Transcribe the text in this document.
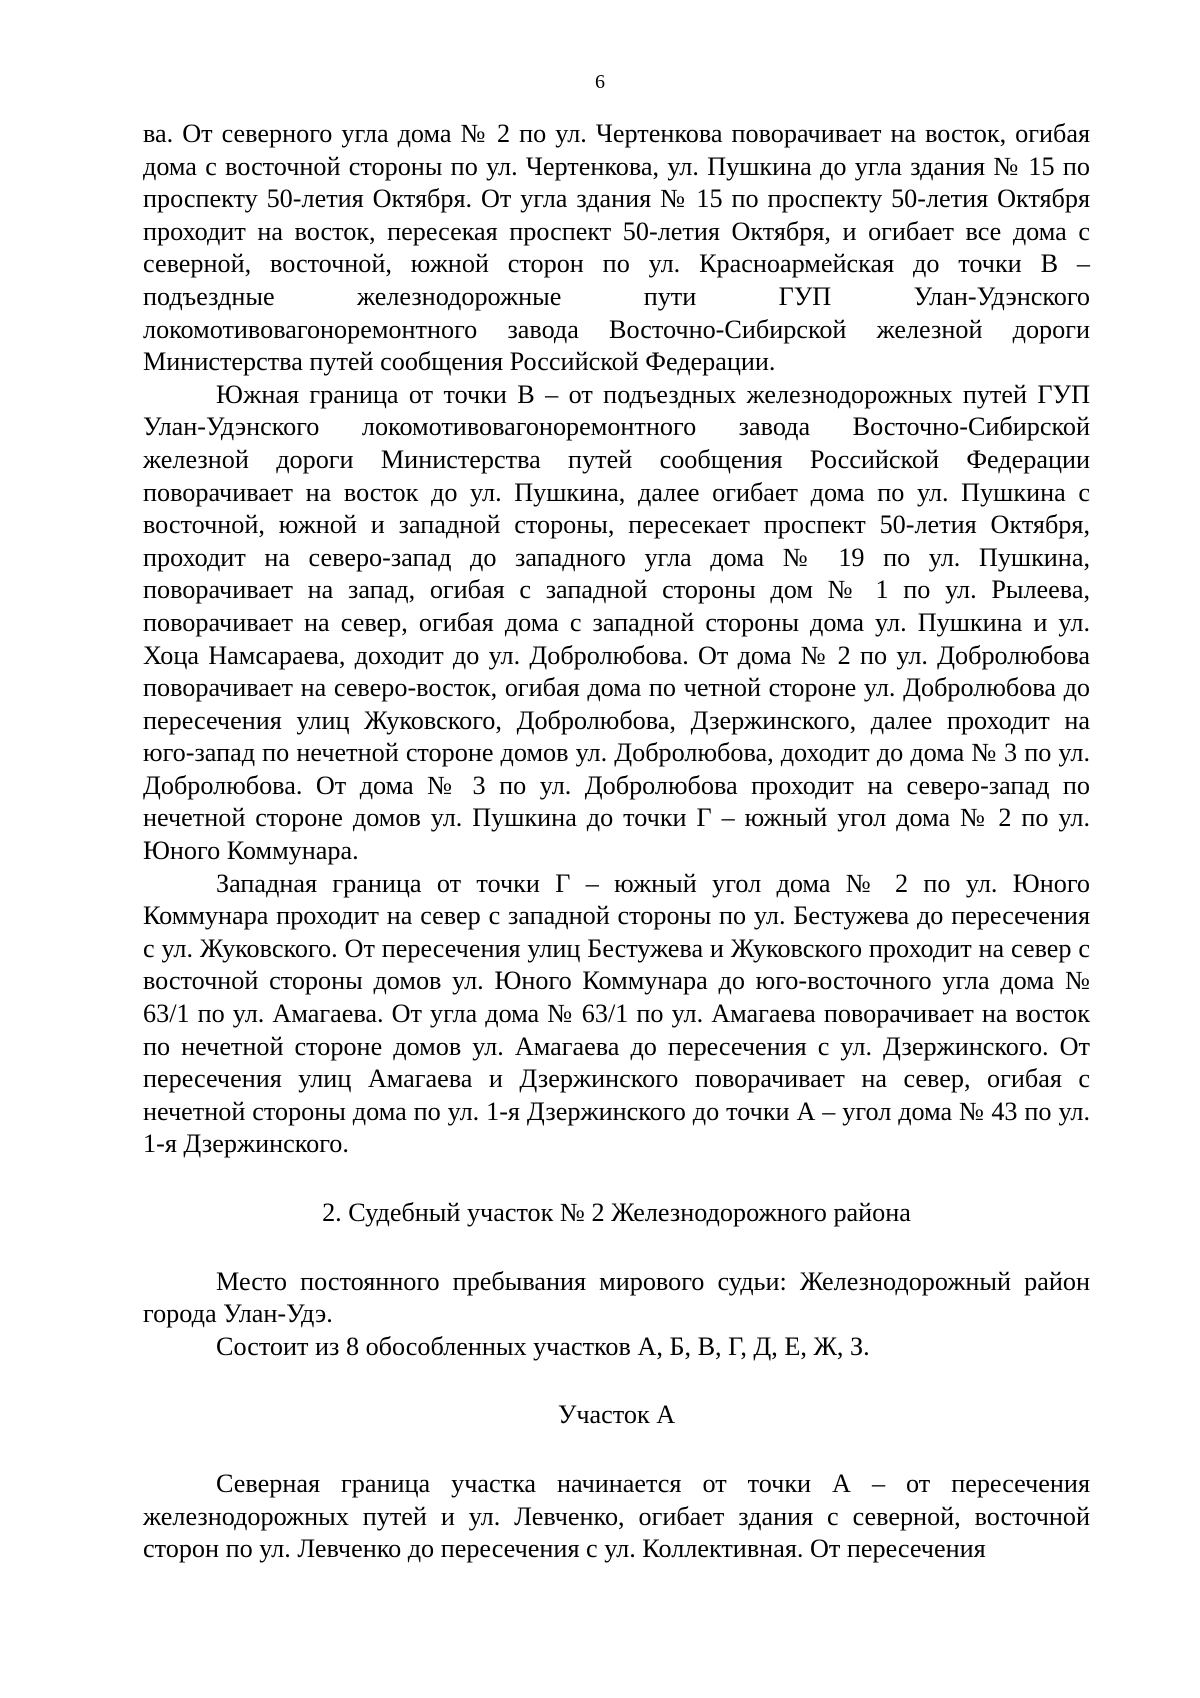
6

ва. От северного угла дома № 2 по ул. Чертенкова поворачивает на восток, огибая дома с восточной стороны по ул. Чертенкова, ул. Пушкина до угла здания № 15 по проспекту 50-летия Октября. От угла здания № 15 по проспекту 50-летия Октября проходит на восток, пересекая проспект 50-летия Октября, и огибает все дома с северной, восточной, южной сторон по ул. Красноармейская до точки В – подъездные железнодорожные пути ГУП Улан-Удэнского локомотивовагоноремонтного завода Восточно-Сибирской железной дороги Министерства путей сообщения Российской Федерации.

Южная граница от точки В – от подъездных железнодорожных путей ГУП Улан-Удэнского локомотивовагоноремонтного завода Восточно-Сибирской железной дороги Министерства путей сообщения Российской Федерации поворачивает на восток до ул. Пушкина, далее огибает дома по ул. Пушкина с восточной, южной и западной стороны, пересекает проспект 50-летия Октября, проходит на северо-запад до западного угла дома № 19 по ул. Пушкина, поворачивает на запад, огибая с западной стороны дом № 1 по ул. Рылеева, поворачивает на север, огибая дома с западной стороны дома ул. Пушкина и ул. Хоца Намсараева, доходит до ул. Добролюбова. От дома № 2 по ул. Добролюбова поворачивает на северо-восток, огибая дома по четной стороне ул. Добролюбова до пересечения улиц Жуковского, Добролюбова, Дзержинского, далее проходит на юго-запад по нечетной стороне домов ул. Добролюбова, доходит до дома № 3 по ул. Добролюбова. От дома № 3 по ул. Добролюбова проходит на северо-запад по нечетной стороне домов ул. Пушкина до точки Г – южный угол дома № 2 по ул. Юного Коммунара.

Западная граница от точки Г – южный угол дома № 2 по ул. Юного Коммунара проходит на север с западной стороны по ул. Бестужева до пересечения с ул. Жуковского. От пересечения улиц Бестужева и Жуковского проходит на север с восточной стороны домов ул. Юного Коммунара до юго-восточного угла дома № 63/1 по ул. Амагаева. От угла дома № 63/1 по ул. Амагаева поворачивает на восток по нечетной стороне домов ул. Амагаева до пересечения с ул. Дзержинского. От пересечения улиц Амагаева и Дзержинского поворачивает на север, огибая с нечетной стороны дома по ул. 1-я Дзержинского до точки А – угол дома № 43 по ул. 1-я Дзержинского.

2. Судебный участок № 2 Железнодорожного района

Место постоянного пребывания мирового судьи: Железнодорожный район города Улан-Удэ.

Состоит из 8 обособленных участков А, Б, В, Г, Д, Е, Ж, З.

Участок А

Северная граница участка начинается от точки А – от пересечения железнодорожных путей и ул. Левченко, огибает здания с северной, восточной сторон по ул. Левченко до пересечения с ул. Коллективная. От пересечения
